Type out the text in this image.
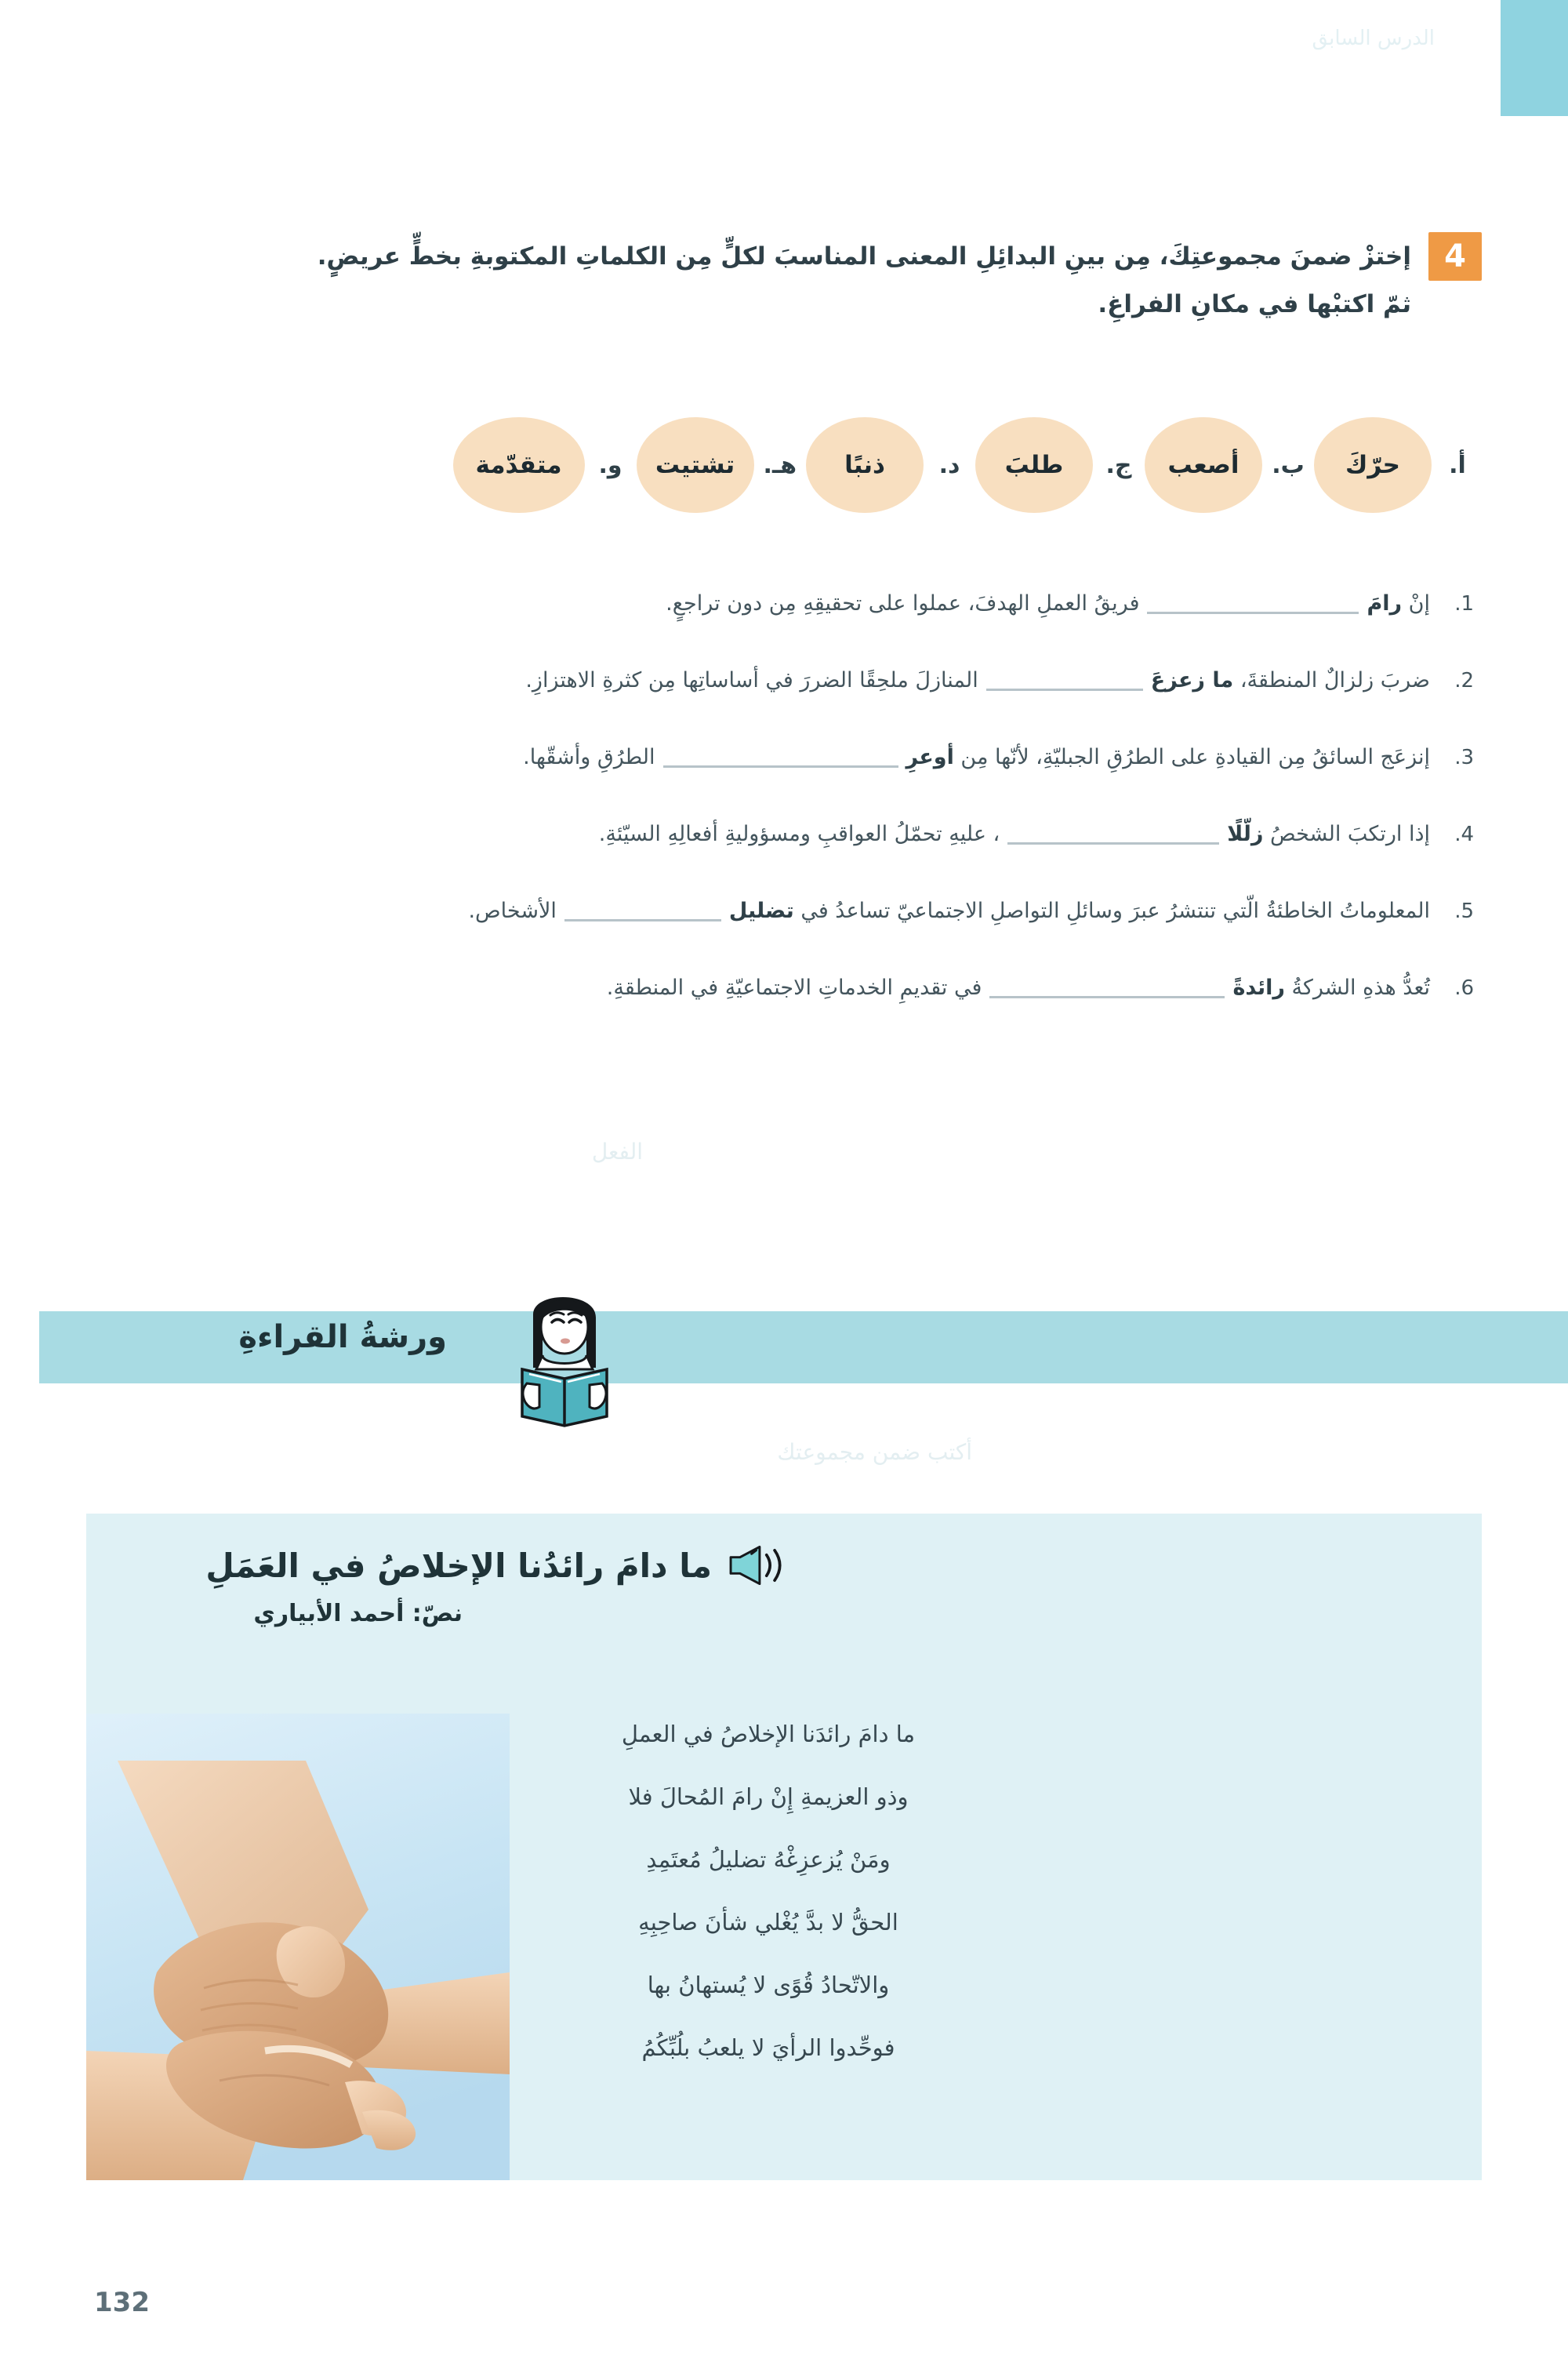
الدرس السابق
4إختزْ ضمنَ مجموعتِكَ، مِن بينِ البدائِلِ المعنى المناسبَ لكلٍّ مِن الكلماتِ المكتوبةِ بخطٍّ عريضٍ.
ثمّ اكتبْها في مكانِ الفراغِ.
أ.
حرّكَ
ب.
أصعب
ج.
طلبَ
د.
ذنبًا
هـ.
تشتيت
و.
متقدّمة
1.
إنْ رامَفريقُ العملِ الهدفَ، عملوا على تحقيقِهِ مِن دون تراجعٍ.
2.
ضربَ زلزالٌ المنطقةَ، ما زعزعَالمنازلَ ملحِقًا الضررَ في أساساتِها مِن كثرةِ الاهتزازِ.
3.
إنزعَج السائقُ مِن القيادةِ على الطرُقِ الجبليّةِ، لأنّها مِن أوعرِالطرُقِ وأشقّها.
4.
إذا ارتكبَ الشخصُ زلّلًا، عليهِ تحمّلُ العواقبِ ومسؤوليةِ أفعالِهِ السيّئةِ.
5.
المعلوماتُ الخاطئةُ الّتي تنتشرُ عبرَ وسائلِ التواصلِ الاجتماعيّ تساعدُ في تضليلالأشخاص.
6.
تُعدُّ هذهِ الشركةُ رائدةًفي تقديمِ الخدماتِ الاجتماعيّةِ في المنطقةِ.
الفعل
أكتب ضمن مجموعتك
ورشةُ القراءةِ
ما دامَ رائدُنا الإخلاصُ في العَمَلِ
نصّ: أحمد الأبياري
ما دامَ رائدَنا الإخلاصُ في العملِ
وذو العزيمةِ إِنْ رامَ المُحالَ فلا
ومَنْ يُزعزِغْهُ تضليلُ مُعتَمِدِ
الحقُّ لا بدَّ يُغْلي شأنَ صاحِبِهِ
والاتّحادُ قُوًى لا يُستهانُ بها
فوحِّدوا الرأيَ لا يلعبُ بلُبِّكُمُ
132
